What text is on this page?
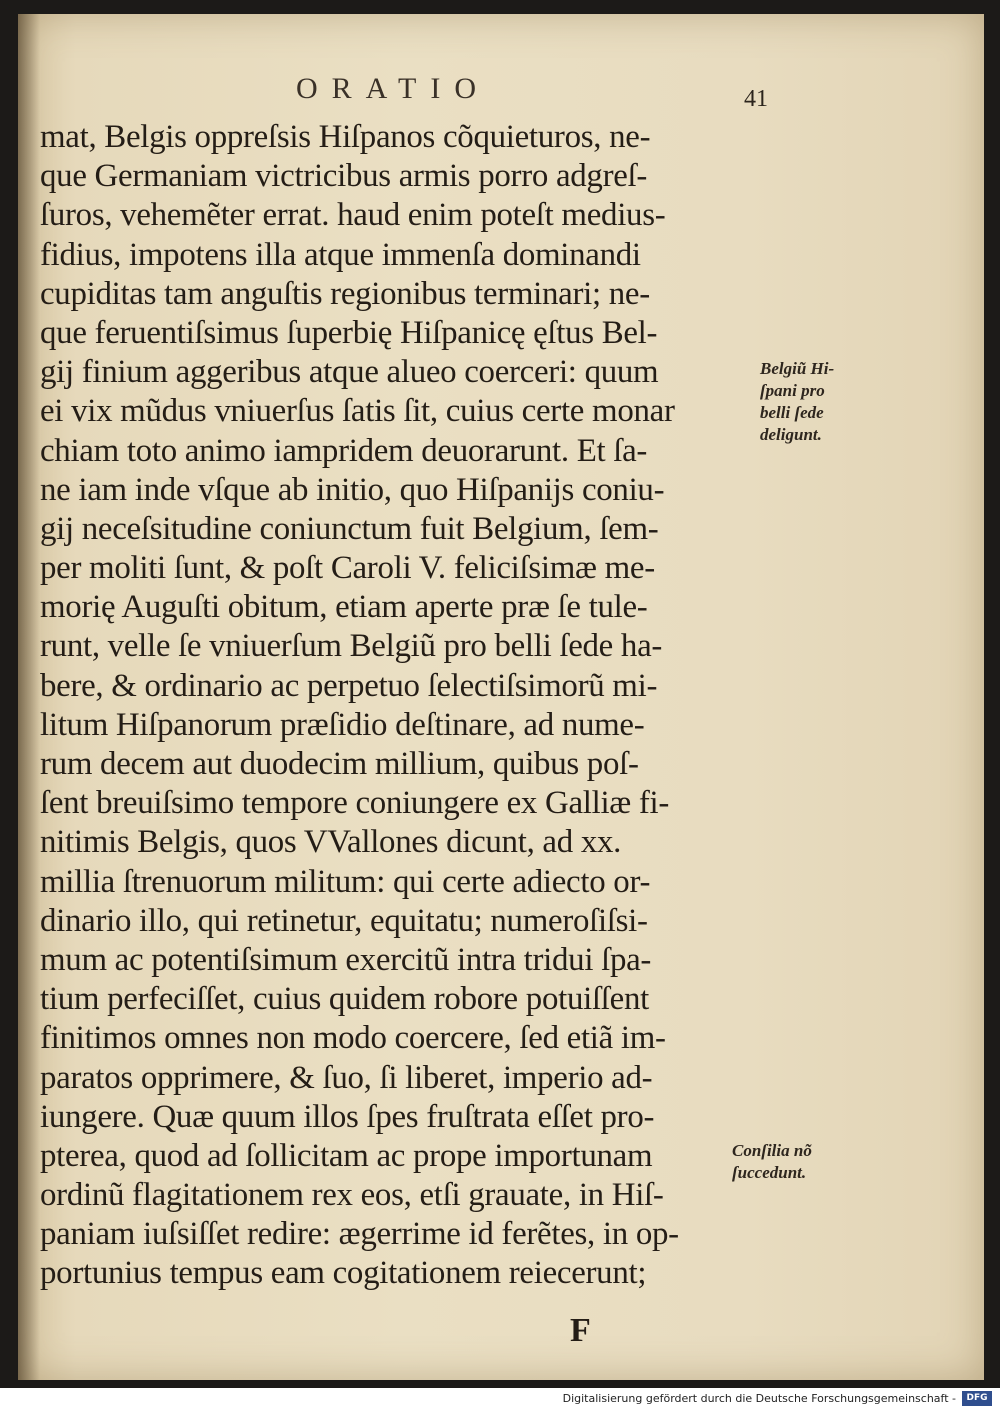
ORATIO	41
mat, Belgis oppreſsis Hiſpanos cõquieturos, ne-
que Germaniam victricibus armis porro adgreſ-
ſuros, vehemẽter errat. haud enim poteſt medius-
fidius, impotens illa atque immenſa dominandi
cupiditas tam anguſtis regionibus terminari; ne-
que feruentiſsimus ſuperbię Hiſpanicę ęſtus Bel-
gij finium aggeribus atque alueo coerceri: quum
ei vix mũdus vniuerſus ſatis ſit, cuius certe monar
chiam toto animo iampridem deuorarunt. Et ſa-
ne iam inde vſque ab initio, quo Hiſpanijs coniu-
gij neceſsitudine coniunctum fuit Belgium, ſem-
per moliti ſunt, & poſt Caroli V. feliciſsimæ me-
morię Auguſti obitum, etiam aperte præ ſe tule-
runt, velle ſe vniuerſum Belgiũ pro belli ſede ha-
bere, & ordinario ac perpetuo ſelectiſsimorũ mi-
litum Hiſpanorum præſidio deſtinare, ad nume-
rum decem aut duodecim millium, quibus poſ-
ſent breuiſsimo tempore coniungere ex Galliæ fi-
nitimis Belgis, quos VVallones dicunt, ad xx.
millia ſtrenuorum militum: qui certe adiecto or-
dinario illo, qui retinetur, equitatu; numeroſiſsi-
mum ac potentiſsimum exercitũ intra tridui ſpa-
tium perfeciſſet, cuius quidem robore potuiſſent
finitimos omnes non modo coercere, ſed etiã im-
paratos opprimere, & ſuo, ſi liberet, imperio ad-
iungere. Quæ quum illos ſpes fruſtrata eſſet pro-
pterea, quod ad ſollicitam ac prope importunam
ordinũ flagitationem rex eos, etſi grauate, in Hiſ-
paniam iuſsiſſet redire: ægerrime id ferẽtes, in op-
portunius tempus eam cogitationem reiecerunt;
Belgiũ Hi-
ſpani pro
belli ſede
deligunt.
Conſilia nõ
ſuccedunt.
F
Digitalisierung gefördert durch die Deutsche Forschungsgemeinschaft -	DFG
